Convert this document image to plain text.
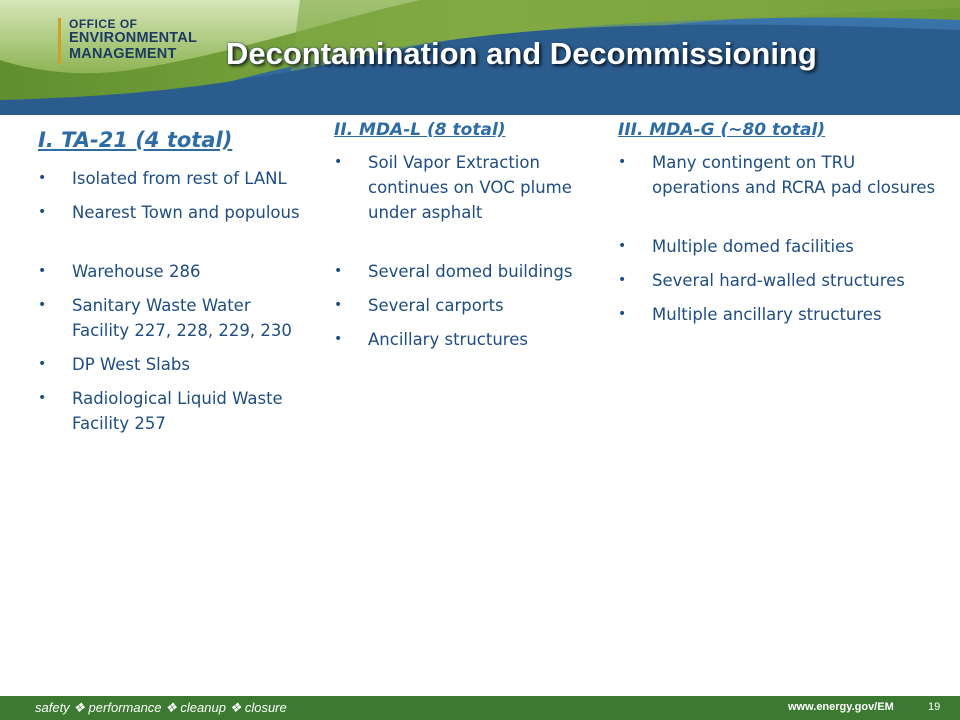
OFFICE OF
ENVIRONMENTAL
MANAGEMENT	Decontamination and Decommissioning
I. TA-21 (4 total)
• Isolated from rest of LANL
• Nearest Town and populous
• Warehouse 286
• Sanitary Waste Water Facility 227, 228, 229, 230
• DP West Slabs
• Radiological Liquid Waste Facility 257
II. MDA-L (8 total)
• Soil Vapor Extraction continues on VOC plume under asphalt
• Several domed buildings
• Several carports
• Ancillary structures
III. MDA-G (~80 total)
• Many contingent on TRU operations and RCRA pad closures
• Multiple domed facilities
• Several hard-walled structures
• Multiple ancillary structures
safety ❖ performance ❖ cleanup ❖ closure	www.energy.gov/EM	19
